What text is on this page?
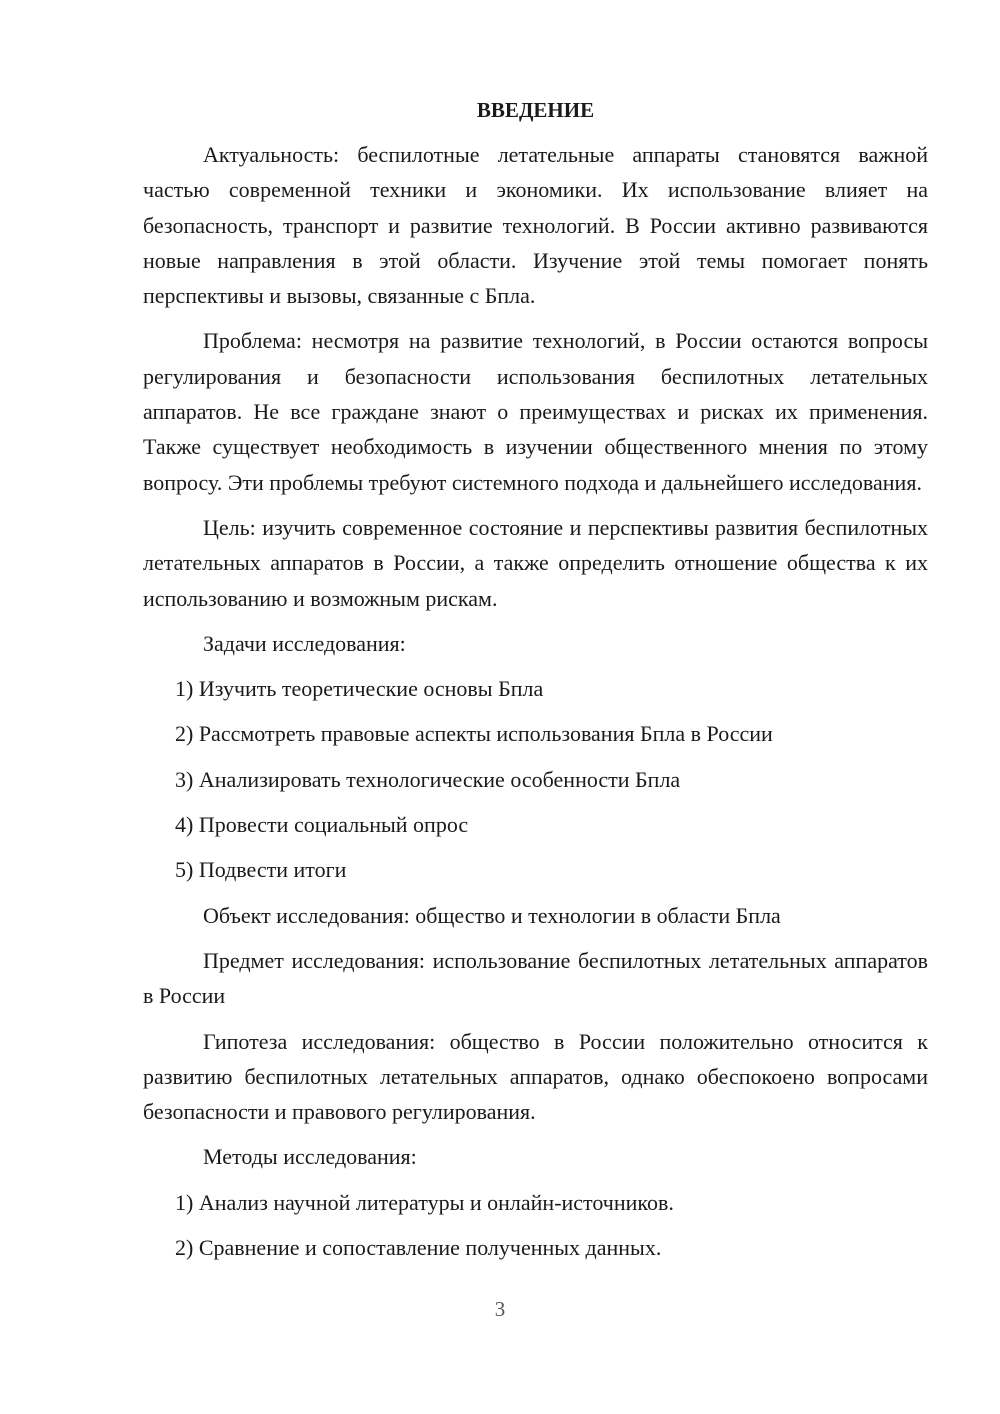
ВВЕДЕНИЕ
Актуальность: беспилотные летательные аппараты становятся важной частью современной техники и экономики. Их использование влияет на безопасность, транспорт и развитие технологий. В России активно развиваются новые направления в этой области. Изучение этой темы помогает понять перспективы и вызовы, связанные с Бпла.
Проблема: несмотря на развитие технологий, в России остаются вопросы регулирования и безопасности использования беспилотных летательных аппаратов. Не все граждане знают о преимуществах и рисках их применения. Также существует необходимость в изучении общественного мнения по этому вопросу. Эти проблемы требуют системного подхода и дальнейшего исследования.
Цель: изучить современное состояние и перспективы развития беспилотных летательных аппаратов в России, а также определить отношение общества к их использованию и возможным рискам.
Задачи исследования:
1) Изучить теоретические основы Бпла
2) Рассмотреть правовые аспекты использования Бпла в России
3) Анализировать технологические особенности Бпла
4) Провести социальный опрос
5) Подвести итоги
Объект исследования: общество и технологии в области Бпла
Предмет исследования: использование беспилотных летательных аппаратов в России
Гипотеза исследования: общество в России положительно относится к развитию беспилотных летательных аппаратов, однако обеспокоено вопросами безопасности и правового регулирования.
Методы исследования:
1) Анализ научной литературы и онлайн-источников.
2) Сравнение и сопоставление полученных данных.
3
